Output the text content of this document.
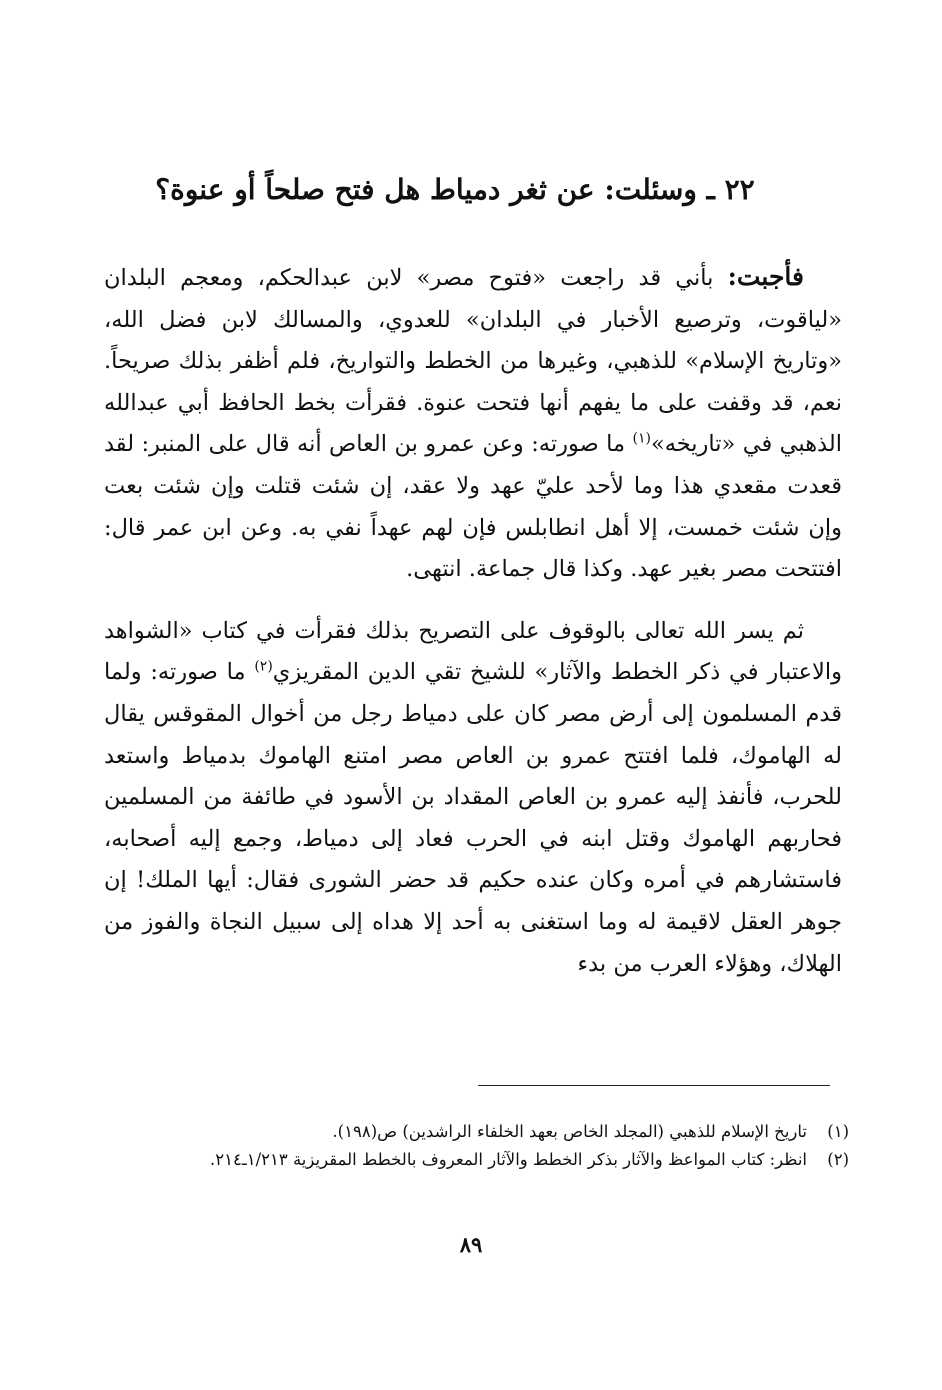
٢٢ ـ وسئلت: عن ثغر دمياط هل فتح صلحاً أو عنوة؟

فأجبت: بأني قد راجعت «فتوح مصر» لابن عبدالحكم، ومعجم البلدان «لياقوت، وترصيع الأخبار في البلدان» للعدوي، والمسالك لابن فضل الله، «وتاريخ الإسلام» للذهبي، وغيرها من الخطط والتواريخ، فلم أظفر بذلك صريحاً. نعم، قد وقفت على ما يفهم أنها فتحت عنوة. فقرأت بخط الحافظ أبي عبدالله الذهبي في «تاريخه»$^{(١)}$ ما صورته: وعن عمرو بن العاص أنه قال على المنبر: لقد قعدت مقعدي هذا وما لأحد عليّ عهد ولا عقد، إن شئت قتلت وإن شئت بعت وإن شئت خمست، إلا أهل انطابلس فإن لهم عهداً نفي به. وعن ابن عمر قال: افتتحت مصر بغير عهد. وكذا قال جماعة. انتهى.

ثم يسر الله تعالى بالوقوف على التصريح بذلك فقرأت في كتاب «الشواهد والاعتبار في ذكر الخطط والآثار» للشيخ تقي الدين المقريزي$^{(٢)}$ ما صورته: ولما قدم المسلمون إلى أرض مصر كان على دمياط رجل من أخوال المقوقس يقال له الهاموك، فلما افتتح عمرو بن العاص مصر امتنع الهاموك بدمياط واستعد للحرب، فأنفذ إليه عمرو بن العاص المقداد بن الأسود في طائفة من المسلمين فحاربهم الهاموك وقتل ابنه في الحرب فعاد إلى دمياط، وجمع إليه أصحابه، فاستشارهم في أمره وكان عنده حكيم قد حضر الشورى فقال: أيها الملك! إن جوهر العقل لاقيمة له وما استغنى به أحد إلا هداه إلى سبيل النجاة والفوز من الهلاك، وهؤلاء العرب من بدء

(١)
تاريخ الإسلام للذهبي (المجلد الخاص بعهد الخلفاء الراشدين) ص(١٩٨).
(٢)
انظر: كتاب المواعظ والآثار بذكر الخطط والآثار المعروف بالخطط المقريزية ١/٢١٣ـ٢١٤.
٨٩
